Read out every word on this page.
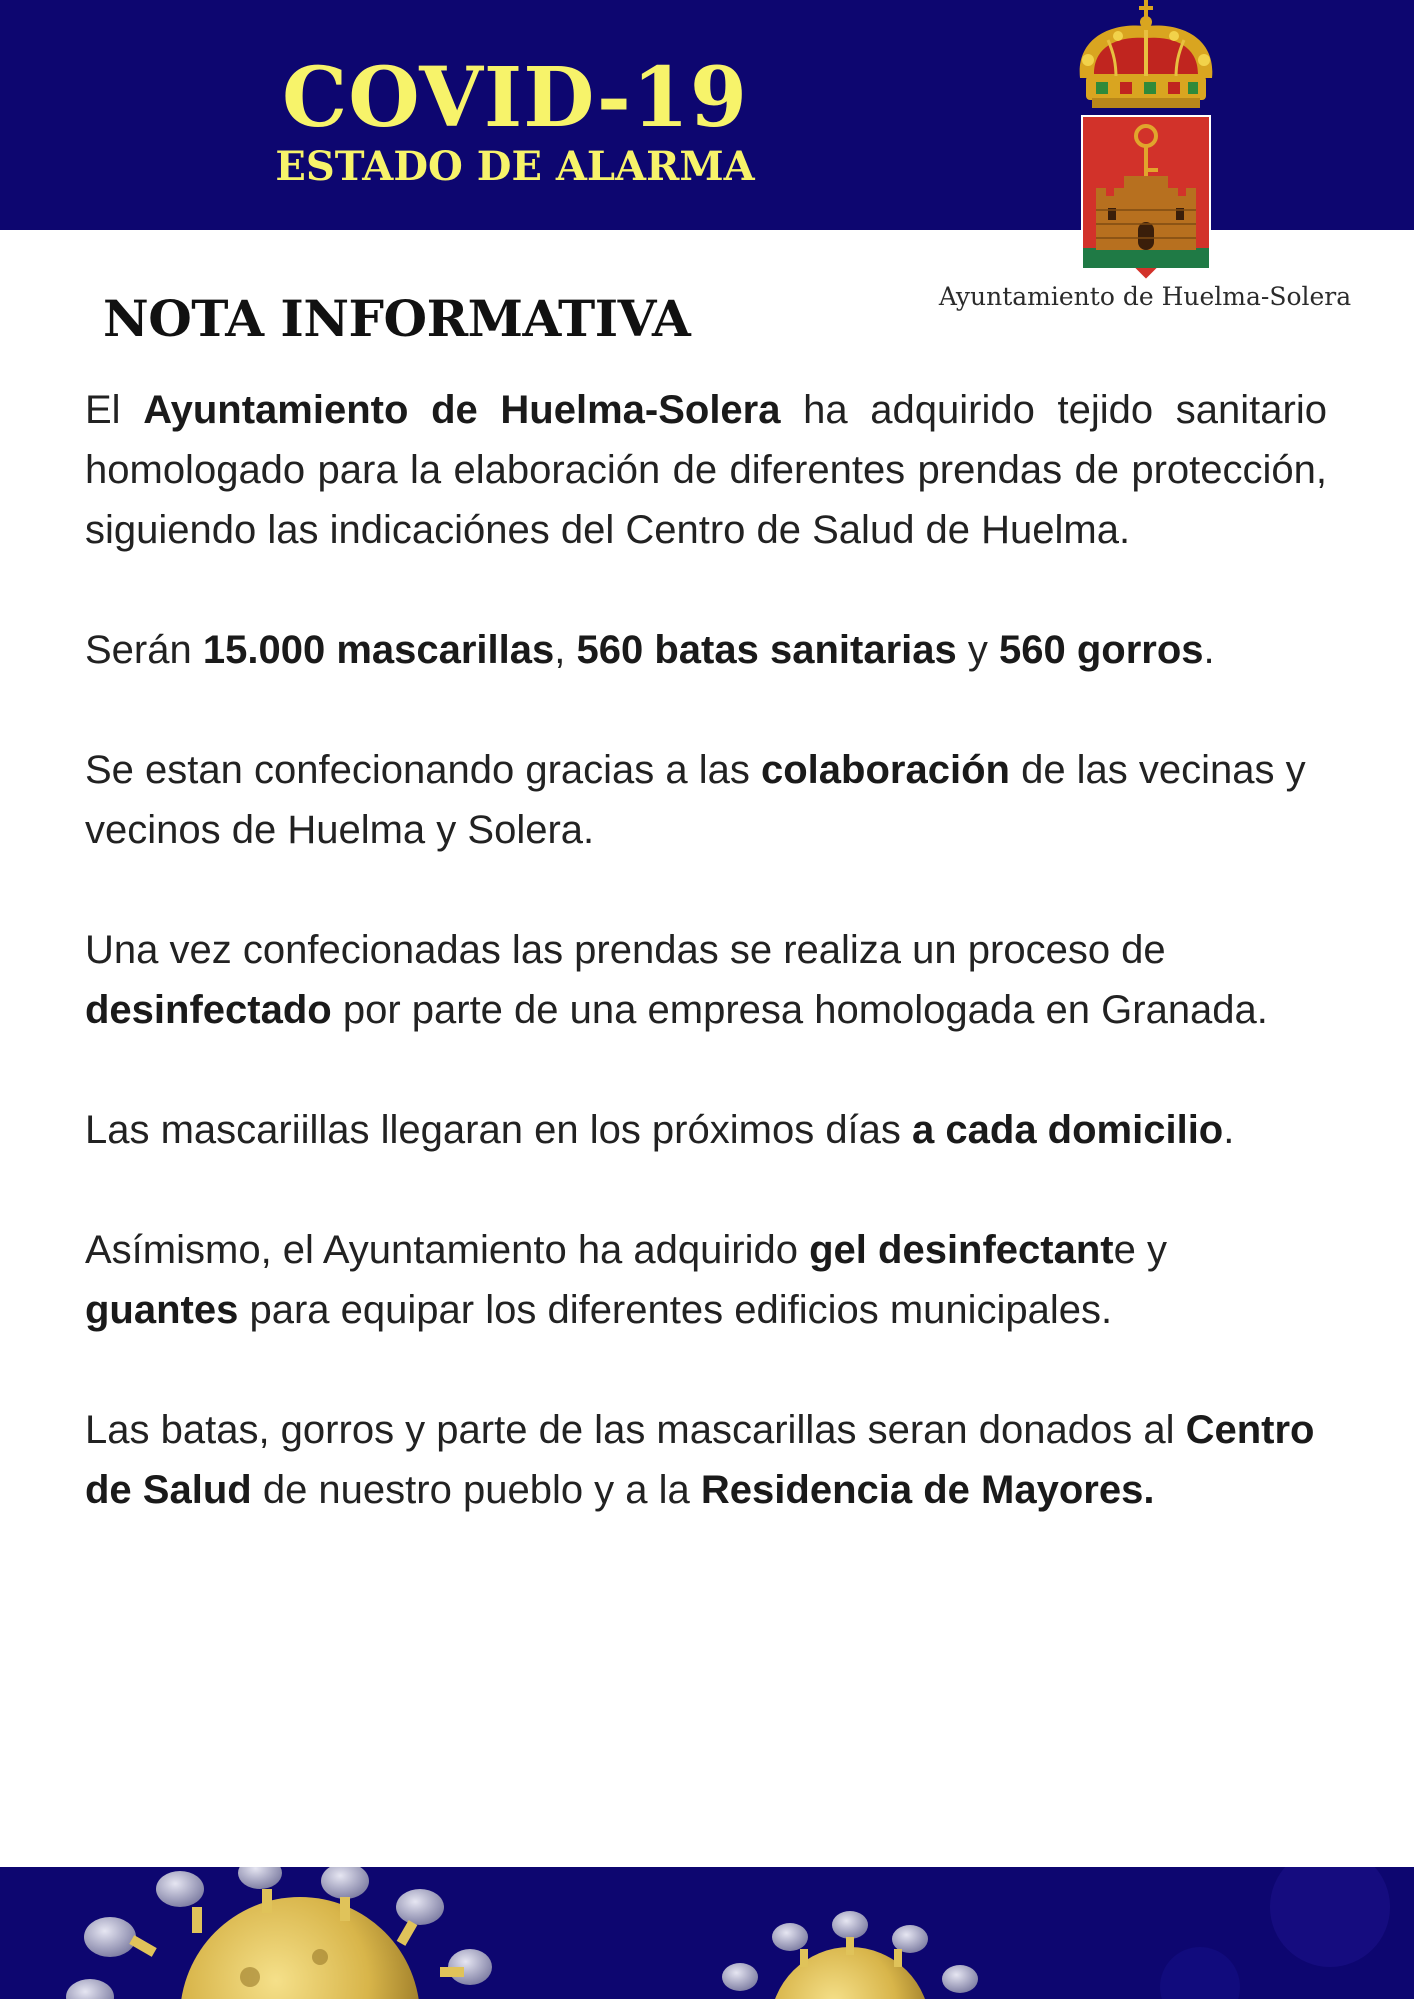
COVID-19
ESTADO DE ALARMA
Ayuntamiento de Huelma-Solera
NOTA INFORMATIVA

El Ayuntamiento de Huelma-Solera ha adquirido tejido sanitario homologado para la elaboración de diferentes prendas de protección, siguiendo las indicaciónes del Centro de Salud de Huelma.

Serán 15.000 mascarillas, 560 batas sanitarias y 560 gorros.

Se estan confecionando gracias a las colaboración de las vecinas y vecinos de Huelma y Solera.

Una vez confecionadas las prendas se realiza un proceso de desinfectado por parte de una empresa homologada en Granada.

Las mascariillas llegaran en los próximos días a cada domicilio.

Asímismo, el Ayuntamiento ha adquirido gel desinfectante y guantes para equipar los diferentes edificios municipales.

Las batas, gorros y parte de las mascarillas seran donados al Centro de Salud de nuestro pueblo y a la Residencia de Mayores.
